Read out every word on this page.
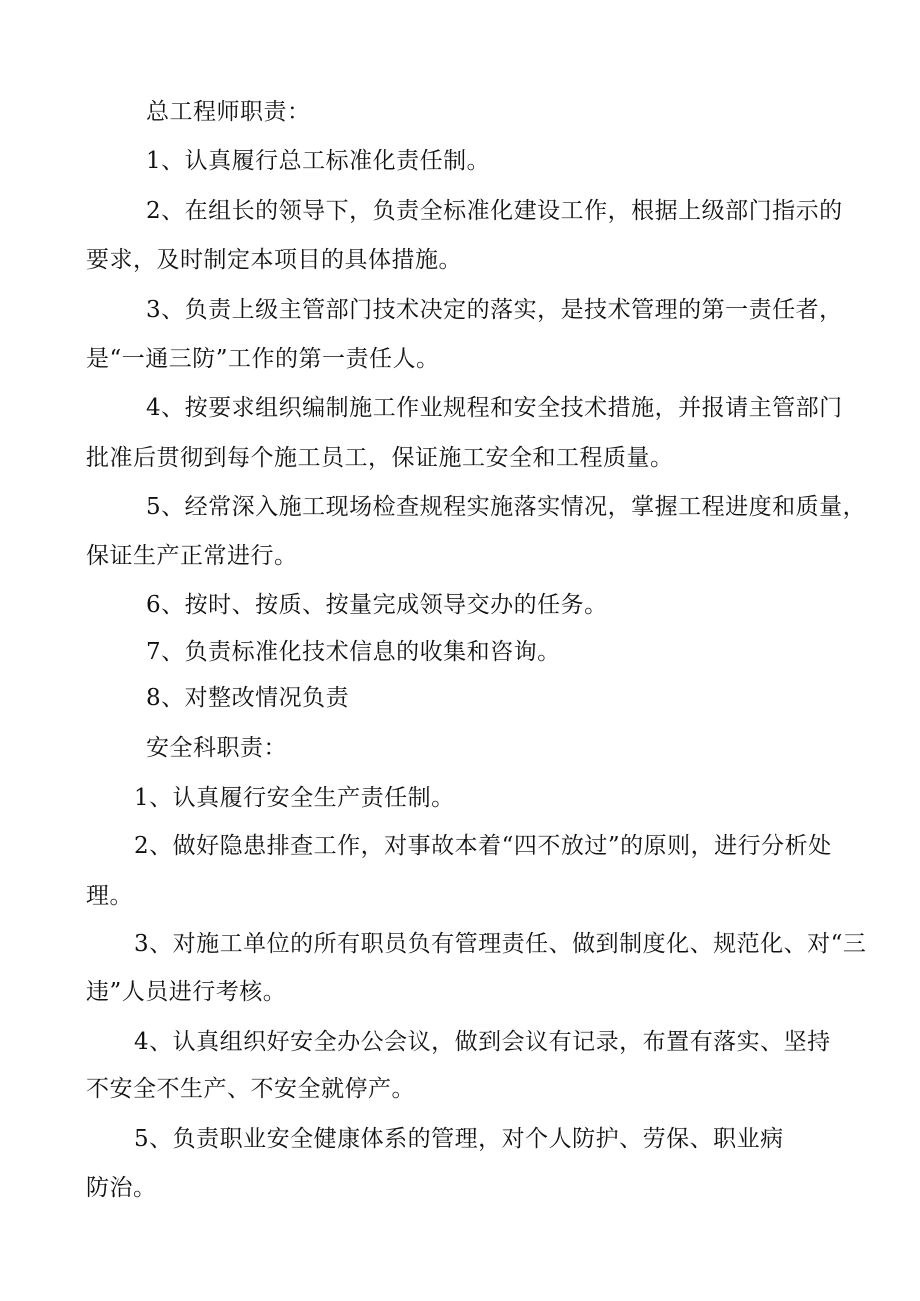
总工程师职责：
1、认真履行总工标准化责任制。
2、在组长的领导下，负责全标准化建设工作，根据上级部门指示的
要求，及时制定本项目的具体措施。
3、负责上级主管部门技术决定的落实，是技术管理的第一责任者，
是“一通三防”工作的第一责任人。
4、按要求组织编制施工作业规程和安全技术措施，并报请主管部门
批准后贯彻到每个施工员工，保证施工安全和工程质量。
5、经常深入施工现场检查规程实施落实情况，掌握工程进度和质量，
保证生产正常进行。
6、按时、按质、按量完成领导交办的任务。
7、负责标准化技术信息的收集和咨询。
8、对整改情况负责
安全科职责：
1、认真履行安全生产责任制。
2、做好隐患排查工作，对事故本着“四不放过”的原则，进行分析处
理。
3、对施工单位的所有职员负有管理责任、做到制度化、规范化、对“三
违”人员进行考核。
4、认真组织好安全办公会议，做到会议有记录，布置有落实、坚持
不安全不生产、不安全就停产。
5、负责职业安全健康体系的管理，对个人防护、劳保、职业病
防治。
